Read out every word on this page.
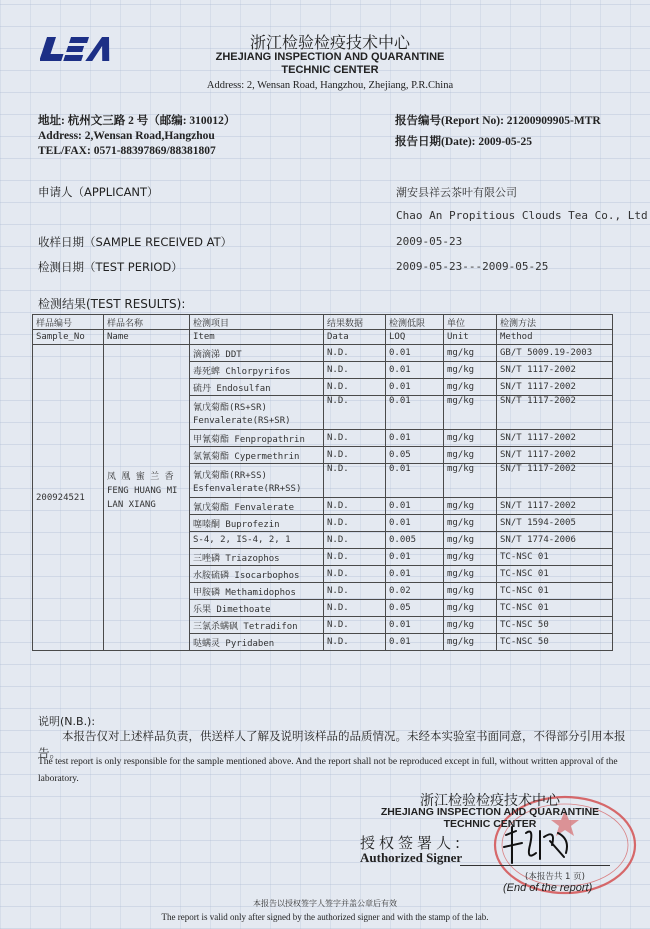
浙江检验检疫技术中心
ZHEJIANG INSPECTION AND QUARANTINE
TECHNIC CENTER
Address: 2, Wensan Road, Hangzhou, Zhejiang, P.R.China
地址: 杭州文三路 2 号（邮编: 310012）
Address: 2,Wensan Road,Hangzhou
TEL/FAX: 0571-88397869/88381807
报告编号(Report No): 21200909905-MTR
报告日期(Date): 2009-05-25
申请人（APPLICANT）	潮安县祥云茶叶有限公司
Chao An Propitious Clouds Tea Co., Ltd
收样日期（SAMPLE RECEIVED AT）	2009-05-23
检测日期（TEST PERIOD）	2009-05-23---2009-05-25
检测结果(TEST RESULTS):
样品编号	样品名称	检测项目	结果数据	检测低限	单位	检测方法
Sample_No	Name	Item	Data	LOQ	Unit	Method
200924521	凤 凰 蜜 兰 香
FENG HUANG MI
LAN XIANG	滴滴涕 DDT	N.D.	0.01	mg/kg	GB/T 5009.19-2003

		毒死蜱 Chlorpyrifos	N.D.	0.01	mg/kg	SN/T 1117-2002

		硫丹 Endosulfan	N.D.	0.01	mg/kg	SN/T 1117-2002

		氰戊菊酯(RS+SR)
Fenvalerate(RS+SR)	N.D.	0.01	mg/kg	SN/T 1117-2002

		甲氰菊酯 Fenpropathrin	N.D.	0.01	mg/kg	SN/T 1117-2002

		氯氰菊酯 Cypermethrin	N.D.	0.05	mg/kg	SN/T 1117-2002

		氰戊菊酯(RR+SS)
Esfenvalerate(RR+SS)	N.D.	0.01	mg/kg	SN/T 1117-2002

		氰戊菊酯 Fenvalerate	N.D.	0.01	mg/kg	SN/T 1117-2002

		噻嗪酮 Buprofezin	N.D.	0.01	mg/kg	SN/T 1594-2005

		S-4, 2, IS-4, 2, 1	N.D.	0.005	mg/kg	SN/T 1774-2006

		三唑磷 Triazophos	N.D.	0.01	mg/kg	TC-NSC 01

		水胺硫磷 Isocarbophos	N.D.	0.01	mg/kg	TC-NSC 01

		甲胺磷 Methamidophos	N.D.	0.02	mg/kg	TC-NSC 01

		乐果 Dimethoate	N.D.	0.05	mg/kg	TC-NSC 01

		三氯杀螨砜 Tetradifon	N.D.	0.01	mg/kg	TC-NSC 50

		哒螨灵 Pyridaben	N.D.	0.01	mg/kg	TC-NSC 50
说明(N.B.):
本报告仅对上述样品负责，供送样人了解及说明该样品的品质情况。未经本实验室书面同意，不得部分引用本报告。
The test report is only responsible for the sample mentioned above. And the report shall not be reproduced except in full, without written approval of the laboratory.
浙江检验检疫技术中心
ZHEJIANG INSPECTION AND QUARANTINE
TECHNIC CENTER
授权签署人:
Authorized Signer
(本报告共 1 页)
(End of the report)
本报告以授权签字人签字并盖公章后有效
The report is valid only after signed by the authorized signer and with the stamp of the lab.
